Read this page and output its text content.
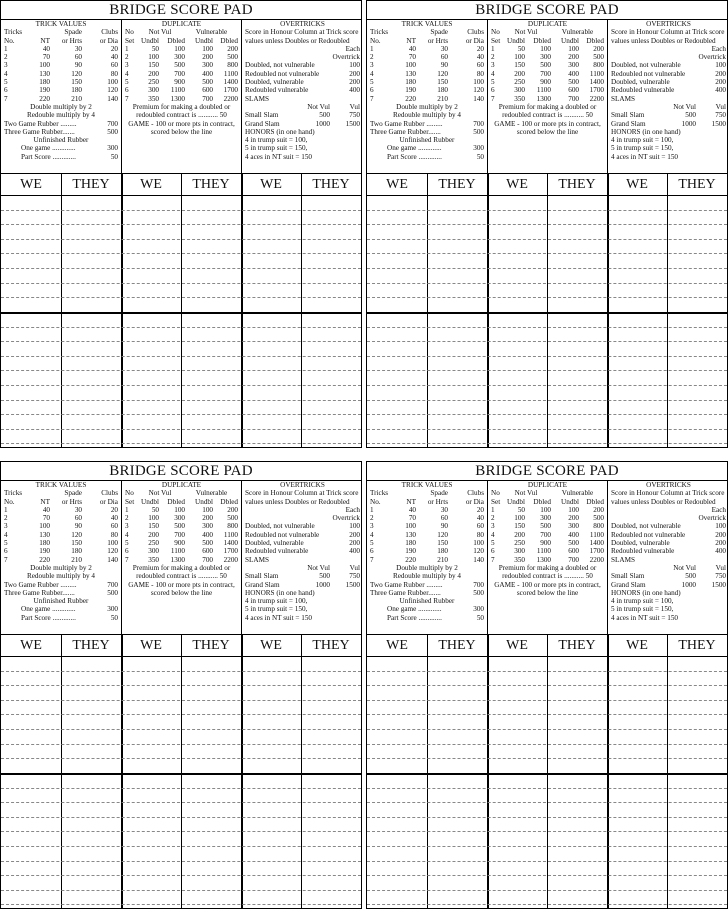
BRIDGE SCORE PAD
TRICK VALUES
Tricks	Spade	Clubs
No.	NT	or Hrts	or Dia
1	40	30	20
2	70	60	40
3	100	90	60
4	130	120	80
5	180	150	100
6	190	180	120
7	220	210	140
Double multiply by 2
Redouble multiply by 4
Two Game Rubber .........	700
Three Game Rubber.......	500
Unfinished Rubber
One game .............	300
Part Score .............	50
DUPLICATE
No	Not Vul	Vulnerable
Set Undbl	Dbled	Undbl	Dbled
1	50	100	100	200
2	100	300	200	500
3	150	500	300	800
4	200	700	400	1100
5	250	900	500	1400
6	300	1100	600	1700
7	350	1300	700	2200
Premium for making a doubled or redoubled contract is ........... 50
GAME - 100 or more pts in contract, scored below the line
OVERTRICKS
Score in Honour Column at Trick score values unless Doubles or Redoubled
Each
Overtrick
Doubled, not vulnerable	100
Redoubled not vulnerable	200
Doubled, vulnerable	200
Redoubled vulnerable	400
SLAMS
Not Vul	Vul
Small Slam	500	750
Grand Slam	1000	1500
HONORS (in one hand)
4 in trump suit = 100,
5 in trump suit = 150,
4 aces in NT suit = 150
WE	THEY	WE	THEY	WE	THEY
BRIDGE SCORE PAD
TRICK VALUES
Tricks	Spade	Clubs
No.	NT	or Hrts	or Dia
1	40	30	20
2	70	60	40
3	100	90	60
4	130	120	80
5	180	150	100
6	190	180	120
7	220	210	140
Double multiply by 2
Redouble multiply by 4
Two Game Rubber .........	700
Three Game Rubber.......	500
Unfinished Rubber
One game .............	300
Part Score .............	50
DUPLICATE
No	Not Vul	Vulnerable
Set Undbl	Dbled	Undbl	Dbled
1	50	100	100	200
2	100	300	200	500
3	150	500	300	800
4	200	700	400	1100
5	250	900	500	1400
6	300	1100	600	1700
7	350	1300	700	2200
Premium for making a doubled or redoubled contract is ........... 50
GAME - 100 or more pts in contract, scored below the line
OVERTRICKS
Score in Honour Column at Trick score values unless Doubles or Redoubled
Each
Overtrick
Doubled, not vulnerable	100
Redoubled not vulnerable	200
Doubled, vulnerable	200
Redoubled vulnerable	400
SLAMS
Not Vul	Vul
Small Slam	500	750
Grand Slam	1000	1500
HONORS (in one hand)
4 in trump suit = 100,
5 in trump suit = 150,
4 aces in NT suit = 150
WE	THEY	WE	THEY	WE	THEY
BRIDGE SCORE PAD
TRICK VALUES
Tricks	Spade	Clubs
No.	NT	or Hrts	or Dia
1	40	30	20
2	70	60	40
3	100	90	60
4	130	120	80
5	180	150	100
6	190	180	120
7	220	210	140
Double multiply by 2
Redouble multiply by 4
Two Game Rubber .........	700
Three Game Rubber.......	500
Unfinished Rubber
One game .............	300
Part Score .............	50
DUPLICATE
No	Not Vul	Vulnerable
Set Undbl	Dbled	Undbl	Dbled
1	50	100	100	200
2	100	300	200	500
3	150	500	300	800
4	200	700	400	1100
5	250	900	500	1400
6	300	1100	600	1700
7	350	1300	700	2200
Premium for making a doubled or redoubled contract is ........... 50
GAME - 100 or more pts in contract, scored below the line
OVERTRICKS
Score in Honour Column at Trick score values unless Doubles or Redoubled
Each
Overtrick
Doubled, not vulnerable	100
Redoubled not vulnerable	200
Doubled, vulnerable	200
Redoubled vulnerable	400
SLAMS
Not Vul	Vul
Small Slam	500	750
Grand Slam	1000	1500
HONORS (in one hand)
4 in trump suit = 100,
5 in trump suit = 150,
4 aces in NT suit = 150
WE	THEY	WE	THEY	WE	THEY
BRIDGE SCORE PAD
TRICK VALUES
Tricks	Spade	Clubs
No.	NT	or Hrts	or Dia
1	40	30	20
2	70	60	40
3	100	90	60
4	130	120	80
5	180	150	100
6	190	180	120
7	220	210	140
Double multiply by 2
Redouble multiply by 4
Two Game Rubber .........	700
Three Game Rubber.......	500
Unfinished Rubber
One game .............	300
Part Score .............	50
DUPLICATE
No	Not Vul	Vulnerable
Set Undbl	Dbled	Undbl	Dbled
1	50	100	100	200
2	100	300	200	500
3	150	500	300	800
4	200	700	400	1100
5	250	900	500	1400
6	300	1100	600	1700
7	350	1300	700	2200
Premium for making a doubled or redoubled contract is ........... 50
GAME - 100 or more pts in contract, scored below the line
OVERTRICKS
Score in Honour Column at Trick score values unless Doubles or Redoubled
Each
Overtrick
Doubled, not vulnerable	100
Redoubled not vulnerable	200
Doubled, vulnerable	200
Redoubled vulnerable	400
SLAMS
Not Vul	Vul
Small Slam	500	750
Grand Slam	1000	1500
HONORS (in one hand)
4 in trump suit = 100,
5 in trump suit = 150,
4 aces in NT suit = 150
WE	THEY	WE	THEY	WE	THEY
